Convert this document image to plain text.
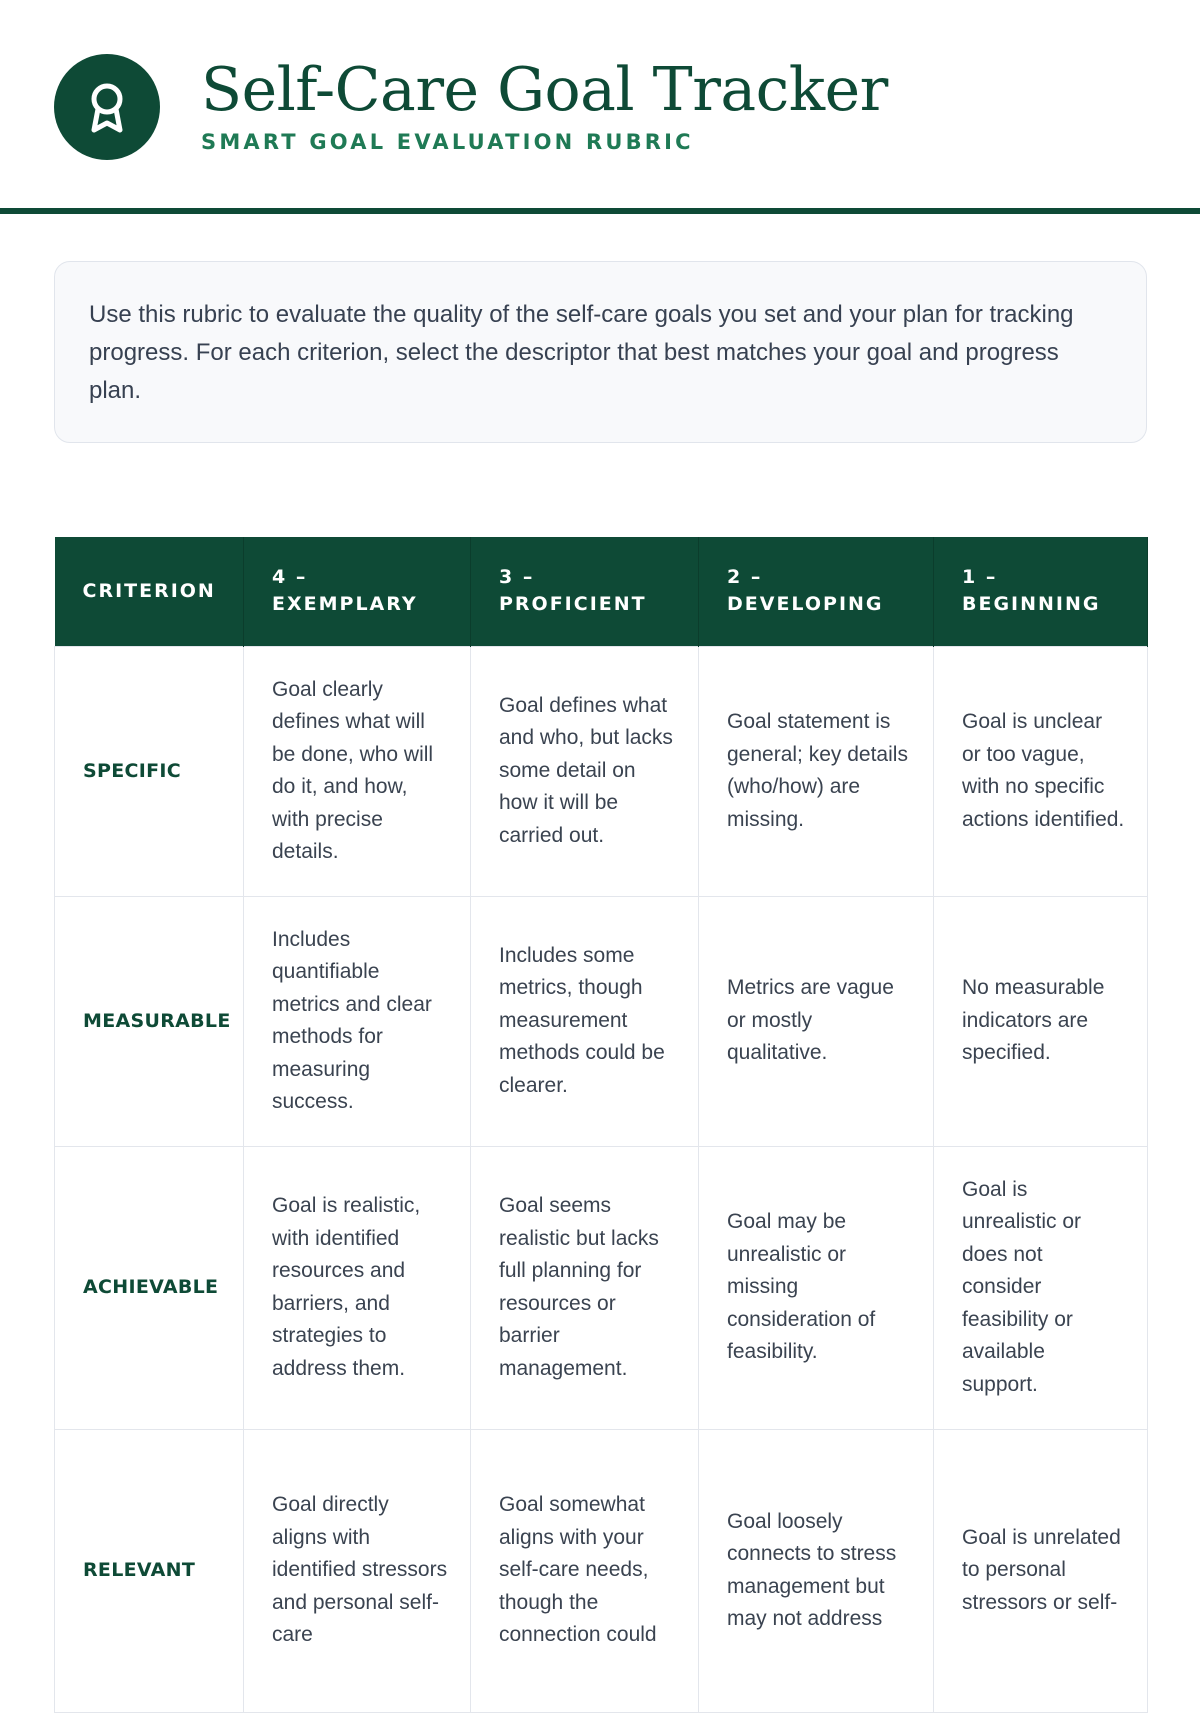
Self-Care Goal Tracker
SMART GOAL EVALUATION RUBRIC
Use this rubric to evaluate the quality of the self-care goals you set and your plan for tracking progress. For each criterion, select the descriptor that best matches your goal and progress plan.
CRITERION	4 – EXEMPLARY	3 – PROFICIENT	2 – DEVELOPING	1 – BEGINNING
SPECIFIC	Goal clearly defines what will be done, who will do it, and how, with precise details.	Goal defines what and who, but lacks some detail on how it will be carried out.	Goal statement is general; key details (who/how) are missing.	Goal is unclear or too vague, with no specific actions identified.
MEASURABLE	Includes quantifiable metrics and clear methods for measuring success.	Includes some metrics, though measurement methods could be clearer.	Metrics are vague or mostly qualitative.	No measurable indicators are specified.
ACHIEVABLE	Goal is realistic, with identified resources and barriers, and strategies to address them.	Goal seems realistic but lacks full planning for resources or barrier management.	Goal may be unrealistic or missing consideration of feasibility.	Goal is unrealistic or does not consider feasibility or available support.
RELEVANT	Goal directly aligns with identified stressors and personal self-care	Goal somewhat aligns with your self-care needs, though the connection could	Goal loosely connects to stress management but may not address	Goal is unrelated to personal stressors or self-
